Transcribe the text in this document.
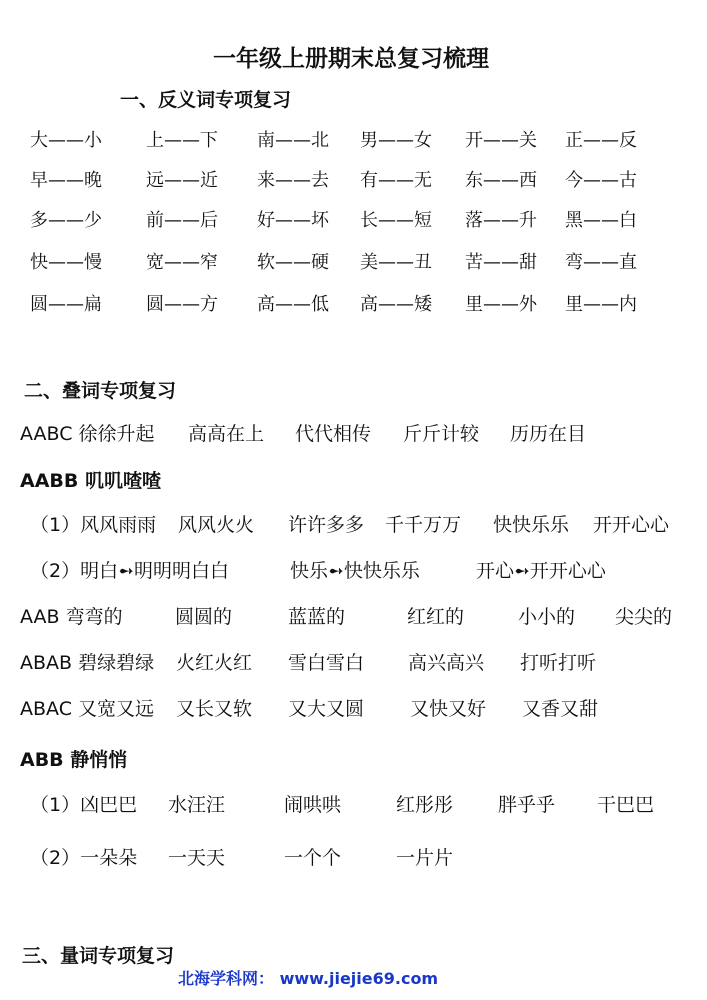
一年级上册期末总复习梳理
一、反义词专项复习
大——小 上——下 南——北 男——女 开——关 正——反
早——晚 远——近 来——去 有——无 东——西 今——古
多——少 前——后 好——坏 长——短 落——升 黑——白
快——慢 宽——窄 软——硬 美——丑 苦——甜 弯——直
圆——扁 圆——方 高——低 高——矮 里——外 里——内
二、叠词专项复习
AABC 徐徐升起 高高在上 代代相传 斤斤计较 历历在目
AABB 叽叽喳喳
（1）风风雨雨 风风火火 许许多多 千千万万 快快乐乐 开开心心
（2）明白➻明明明白白	快乐➻快快乐乐	开心➻开开心心
AAB 弯弯的	圆圆的	蓝蓝的	红红的	小小的 尖尖的
ABAB 碧绿碧绿 火红火红 雪白雪白 高兴高兴 打听打听
ABAC 又宽又远 又长又软 又大又圆 又快又好 又香又甜
ABB 静悄悄
（1）凶巴巴 水汪汪	闹哄哄	红彤彤 胖乎乎 干巴巴
（2）一朵朵 一天天	一个个	一片片
三、量词专项复习
北海学科网： www.jiejie69.com
